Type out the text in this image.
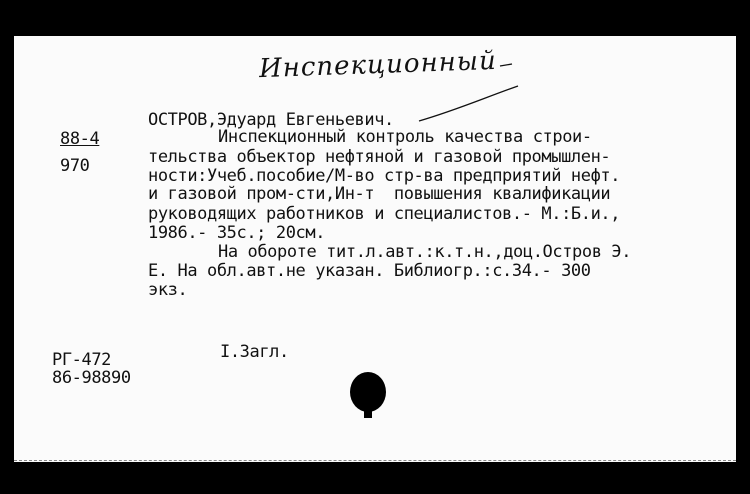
Инспекционный
88-4
970
ОСТРОВ,Эдуард Евгеньевич.
Инспекционный контроль качества строи-
тельства объектор нефтяной и газовой промышлен-
ности:Учеб.пособие/М-во стр-ва предприятий нефт.
и газовой пром-сти,Ин-т  повышения квалификации
руководящих работников и специалистов.- М.:Б.и.,
1986.- 35с.; 20см.
На обороте тит.л.авт.:к.т.н.,доц.Остров Э.
Е. На обл.авт.не указан. Библиогр.:с.34.- 300
экз.
I.Загл.
РГ-472
86-98890
